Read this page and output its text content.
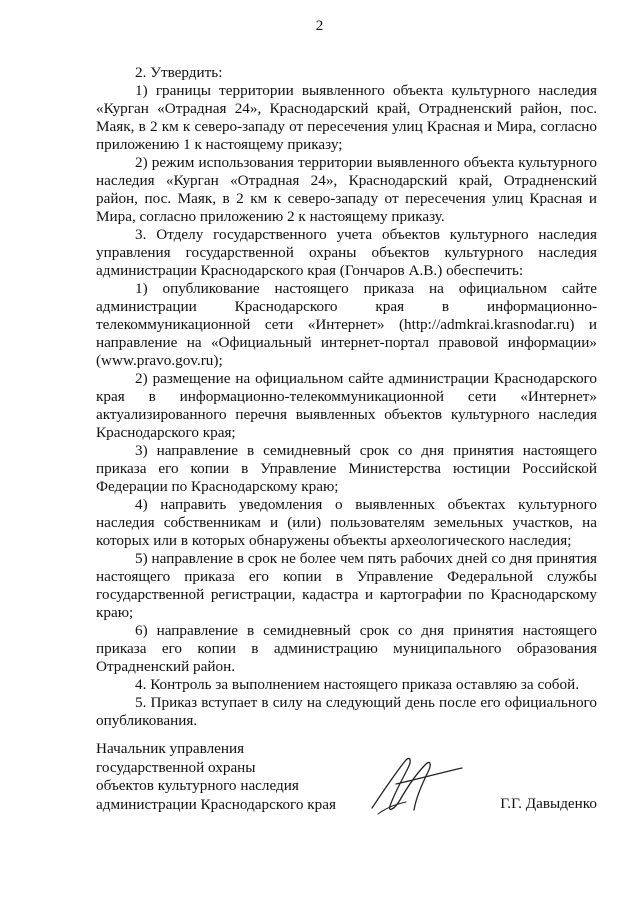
2

2. Утвердить:

1) границы территории выявленного объекта культурного наследия «Курган «Отрадная 24», Краснодарский край, Отрадненский район, пос. Маяк, в 2 км к северо-западу от пересечения улиц Красная и Мира, согласно приложению 1 к настоящему приказу;

2) режим использования территории выявленного объекта культурного наследия «Курган «Отрадная 24», Краснодарский край, Отрадненский район, пос. Маяк, в 2 км к северо-западу от пересечения улиц Красная и Мира, согласно приложению 2 к настоящему приказу.

3. Отделу государственного учета объектов культурного наследия управления государственной охраны объектов культурного наследия администрации Краснодарского края (Гончаров А.В.) обеспечить:

1) опубликование настоящего приказа на официальном сайте администрации Краснодарского края в информационно-телекоммуникационной сети «Интернет» (http://admkrai.krasnodar.ru) и направление на «Официальный интернет-портал правовой информации» (www.pravo.gov.ru);

2) размещение на официальном сайте администрации Краснодарского края в информационно-телекоммуникационной сети «Интернет» актуализированного перечня выявленных объектов культурного наследия Краснодарского края;

3) направление в семидневный срок со дня принятия настоящего приказа его копии в Управление Министерства юстиции Российской Федерации по Краснодарскому краю;

4) направить уведомления о выявленных объектах культурного наследия собственникам и (или) пользователям земельных участков, на которых или в которых обнаружены объекты археологического наследия;

5) направление в срок не более чем пять рабочих дней со дня принятия настоящего приказа его копии в Управление Федеральной службы государственной регистрации, кадастра и картографии по Краснодарскому краю;

6) направление в семидневный срок со дня принятия настоящего приказа его копии в администрацию муниципального образования Отрадненский район.

4. Контроль за выполнением настоящего приказа оставляю за собой.

5. Приказ вступает в силу на следующий день после его официального опубликования.

Начальник управления
государственной охраны
объектов культурного наследия
администрации Краснодарского края	Г.Г. Давыденко
